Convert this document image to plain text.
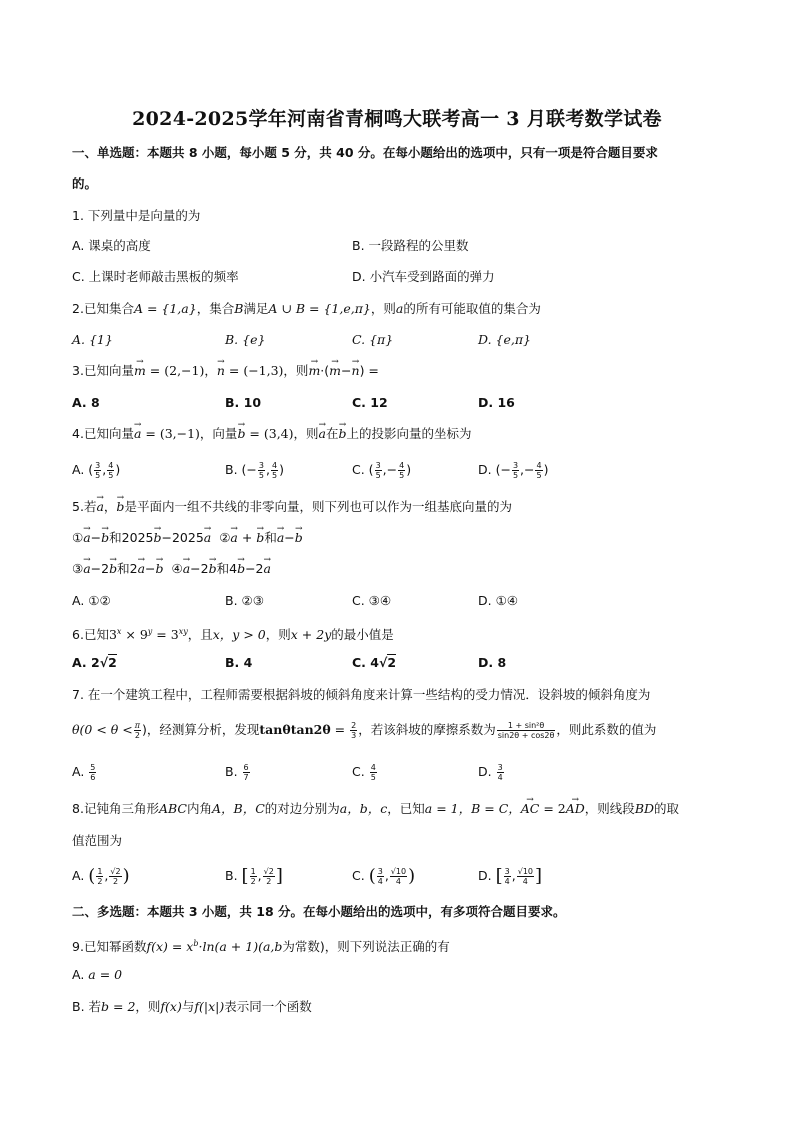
2024-2025学年河南省青桐鸣大联考高一 3 月联考数学试卷
一、单选题：本题共 8 小题，每小题 5 分，共 40 分。在每小题给出的选项中，只有一项是符合题目要求
的。
1. 下列量中是向量的为
A. 课桌的高度	B. 一段路程的公里数
C. 上课时老师敲击黑板的频率	D. 小汽车受到路面的弹力
2.已知集合A = {1,a}，集合B满足A ∪ B = {1,e,π}，则a的所有可能取值的集合为
A. {1}	B. {e}	C. {π}	D. {e,π}
3.已知向量→ m = (2,−1)，→ n = (−1,3)，则→ m·(→ m−→ n) =
A. 8	B. 10	C. 12	D. 16
4.已知向量→ a = (3,−1)，向量→ b = (3,4)，则→ a在→ b上的投影向量的坐标为
A. ( $\frac{3}{5}$ , $\frac{4}{5}$ )	B. (− $\frac{3}{5}$ , $\frac{4}{5}$ )	C. ( $\frac{3}{5}$ ,− $\frac{4}{5}$ )	D. (− $\frac{3}{5}$ ,− $\frac{4}{5}$ )
5.若→ a，→ b是平面内一组不共线的非零向量，则下列也可以作为一组基底向量的为
①→ a−→ b和2025→ b−2025→ a ②→ a + → b和→ a−→ b
③→ a−2→ b和2→ a−→ b ④→ a−2→ b和4→ b−2→ a
A. ①②	B. ②③	C. ③④	D. ①④
6.已知$3^x \times 9^y = 3^{xy}$，且x，y > 0，则x + 2y的最小值是
A. 2√2	B. 4	C. 4√2	D. 8
7. 在一个建筑工程中，工程师需要根据斜坡的倾斜角度来计算一些结构的受力情况．设斜坡的倾斜角度为
$\theta(0 < \theta < \frac{\pi}{2}$ )，经测算分析，发现$\tan\theta\tan 2\theta = \frac{2}{3}$ ，若该斜坡的摩擦系数为 $\frac{\text{1 + sin²θ}}{\sin 2\theta + \cos 2\theta}$ ，则此系数的值为
A. $\frac{5}{6}$	B. $\frac{6}{7}$	C. $\frac{4}{5}$	D. $\frac{3}{4}$
8.记钝角三角形ABC内角A，B，C的对边分别为a，b，c，已知a = 1，B = C，→ AC = 2→ AD，则线段BD的取
值范围为
A. ( $\frac{1}{2}$ , $\frac{√2}{2}$ )	B. [ $\frac{1}{2}$ , $\frac{√2}{2}$ ]	C. ( $\frac{3}{4}$ , $\frac{√10}{4}$ )	D. [ $\frac{3}{4}$ , $\frac{√10}{4}$ ]
二、多选题：本题共 3 小题，共 18 分。在每小题给出的选项中，有多项符合题目要求。
9.已知幂函数$f(x) = x^b\cdot\ln(a + 1)(a,b$为常数)，则下列说法正确的有
A. a = 0
B. 若b = 2，则f(x)与f(|x|)表示同一个函数
